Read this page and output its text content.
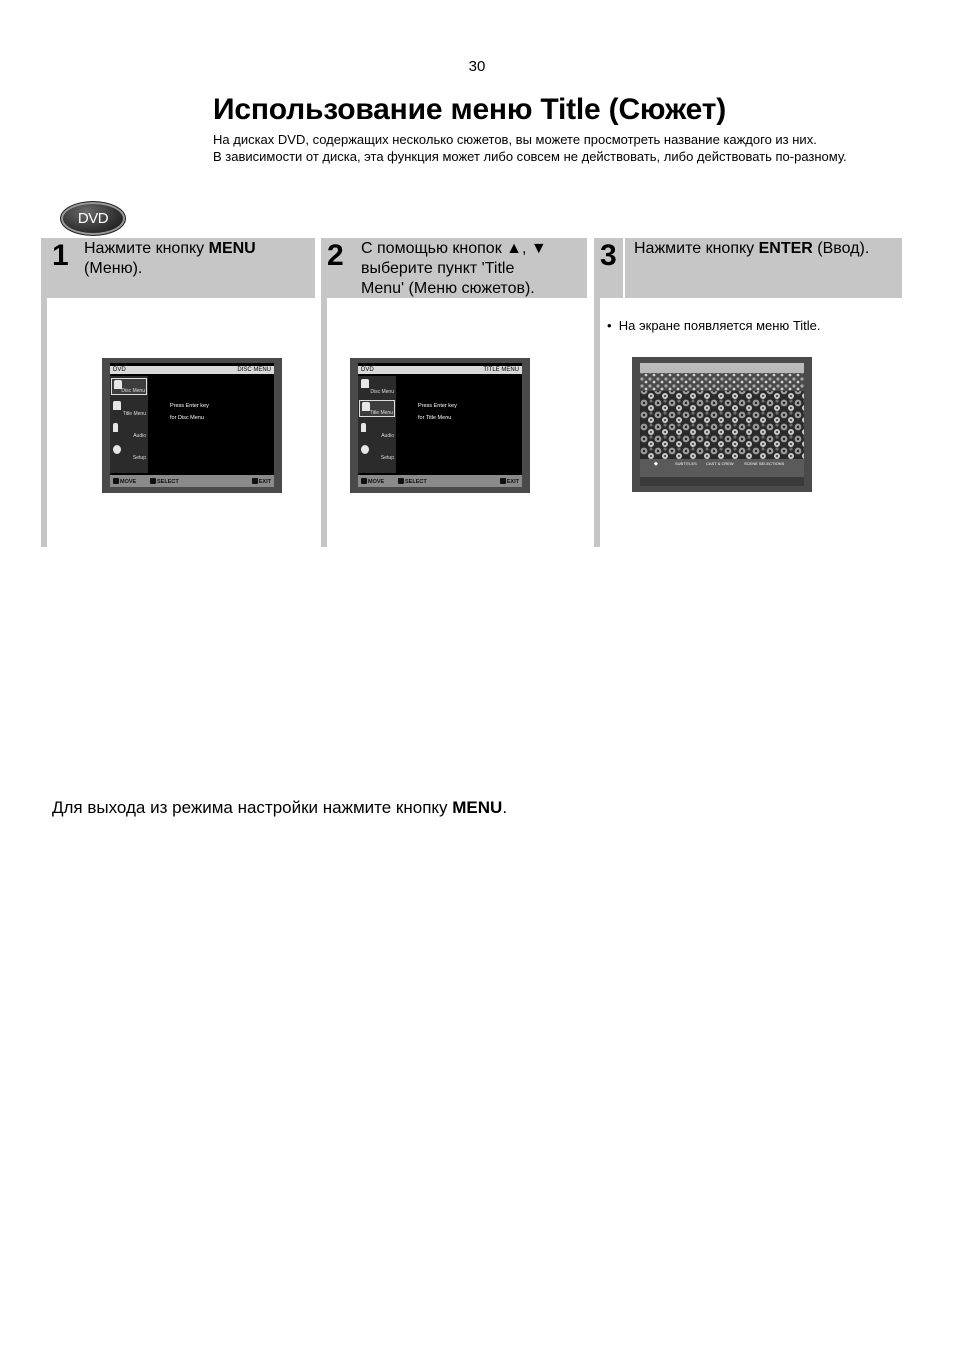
30
Использование меню Title (Сюжет)
На дисках DVD, содержащих несколько сюжетов, вы можете просмотреть название каждого из них.
В зависимости от диска, эта функция может либо совсем не действовать, либо действовать по-разному.
DVD
1 Нажмите кнопку MENU
(Меню).
DVD	DISC MENU
Disc Menu
Title Menu
Audio
Setup
Press Enter key
for Disc Menu
MOVE	SELECT	EXIT
2 С помощью кнопок ▲, ▼
выберите пункт 'Title
Menu' (Меню сюжетов).
DVD	TITLE MENU
Disc Menu
Title Menu
Audio
Setup
Press Enter key
for Title Menu
MOVE	SELECT	EXIT
3 Нажмите кнопку ENTER (Ввод).
•  На экране появляется меню Title.
◆	SUBTITLES CAST & CREW	SCENE SELECTIONS
Для выхода из режима настройки нажмите кнопку MENU.
